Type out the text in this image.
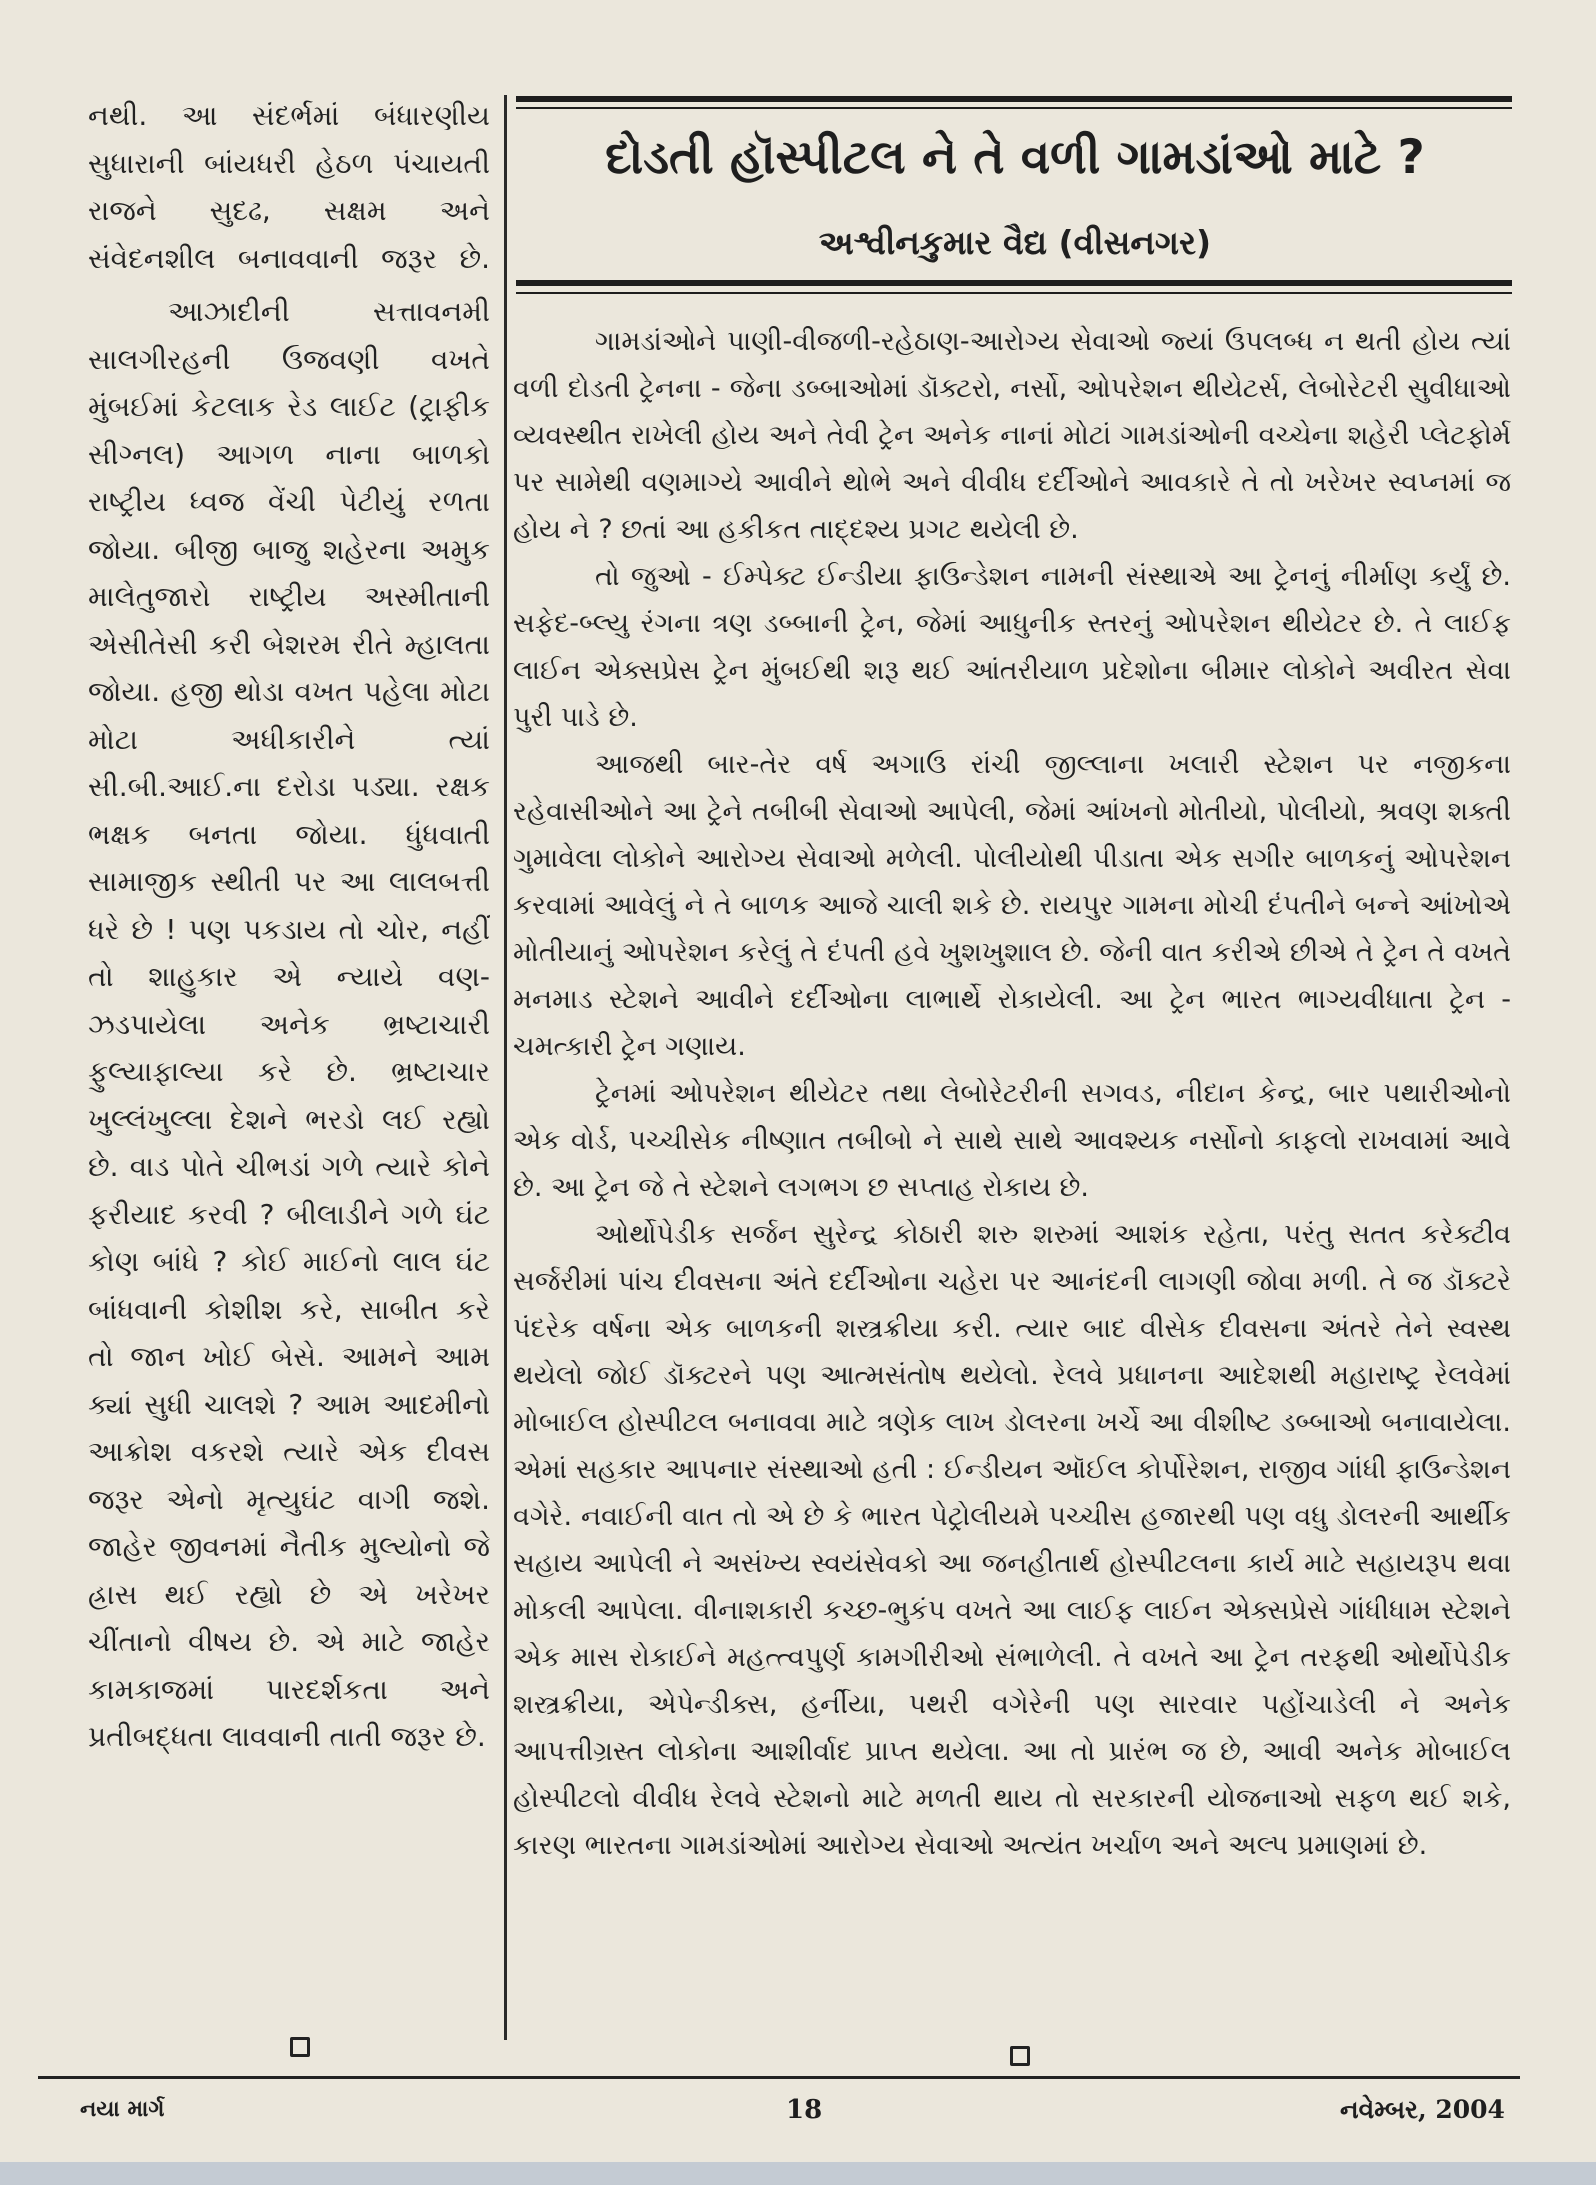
નથી. આ સંદર્ભમાં બંધારણીય સુધારાની બાંયધરી હેઠળ પંચાયતી રાજને સુદઢ, સક્ષમ અને સંવેદનશીલ બનાવવાની જરૂર છે.

આઝાદીની સત્તાવનમી સાલગીરહની ઉજવણી વખતે મુંબઈમાં કેટલાક રેડ લાઈટ (ટ્રાફીક સીગ્નલ) આગળ નાના બાળકો રાષ્ટ્રીય ધ્વજ વેંચી પેટીયું રળતા જોયા. બીજી બાજુ શહેરના અમુક માલેતુજારો રાષ્ટ્રીય અસ્મીતાની એસીતેસી કરી બેશરમ રીતે મ્હાલતા જોયા. હજી થોડા વખત પહેલા મોટા મોટા અધીકારીને ત્યાં સી.બી.આઈ.ના દરોડા પડ્યા. રક્ષક ભક્ષક બનતા જોયા. ધુંધવાતી સામાજીક સ્થીતી પર આ લાલબત્તી ધરે છે ! પણ પકડાય તો ચોર, નહીં તો શાહુકાર એ ન્યાયે વણ-ઝડપાયેલા અનેક ભ્રષ્ટાચારી ફુલ્યાફાલ્યા કરે છે. ભ્રષ્ટાચાર ખુલ્લંખુલ્લા દેશને ભરડો લઈ રહ્યો છે. વાડ પોતે ચીભડાં ગળે ત્યારે કોને ફરીયાદ કરવી ? બીલાડીને ગળે ઘંટ કોણ બાંધે ? કોઈ માઈનો લાલ ઘંટ બાંધવાની કોશીશ કરે, સાબીત કરે તો જાન ખોઈ બેસે. આમને આમ ક્યાં સુધી ચાલશે ? આમ આદમીનો આક્રોશ વકરશે ત્યારે એક દીવસ જરૂર એનો મૃત્યુઘંટ વાગી જશે. જાહેર જીવનમાં નૈતીક મુલ્યોનો જે હ્રાસ થઈ રહ્યો છે એ ખરેખર ચીંતાનો વીષય છે. એ માટે જાહેર કામકાજમાં પારદર્શકતા અને પ્રતીબદ્ધતા લાવવાની તાતી જરૂર છે.

દોડતી હૉસ્પીટલ ને તે વળી ગામડાંઓ માટે ?
અશ્વીનકુમાર વૈદ્ય (વીસનગર)

ગામડાંઓને પાણી-વીજળી-રહેઠાણ-આરોગ્ય સેવાઓ જ્યાં ઉપલબ્ધ ન થતી હોય ત્યાં વળી દોડતી ટ્રેનના - જેના ડબ્બાઓમાં ડૉક્ટરો, નર્સો, ઓપરેશન થીયેટર્સ, લેબોરેટરી સુવીધાઓ વ્યવસ્થીત રાખેલી હોય અને તેવી ટ્રેન અનેક નાનાં મોટાં ગામડાંઓની વચ્ચેના શહેરી પ્લેટફોર્મ પર સામેથી વણમાગ્યે આવીને થોભે અને વીવીધ દર્દીઓને આવકારે તે તો ખરેખર સ્વપ્નમાં જ હોય ને ? છતાં આ હકીકત તાદ્દશ્ય પ્રગટ થયેલી છે.

તો જુઓ - ઈમ્પેક્ટ ઈન્ડીયા ફાઉન્ડેશન નામની સંસ્થાએ આ ટ્રેનનું નીર્માણ કર્યું છે. સફેદ-બ્લ્યુ રંગના ત્રણ ડબ્બાની ટ્રેન, જેમાં આધુનીક સ્તરનું ઓપરેશન થીયેટર છે. તે લાઈફ લાઈન એક્સપ્રેસ ટ્રેન મુંબઈથી શરૂ થઈ આંતરીયાળ પ્રદેશોના બીમાર લોકોને અવીરત સેવા પુરી પાડે છે.

આજથી બાર-તેર વર્ષ અગાઉ રાંચી જીલ્લાના ખલારી સ્ટેશન પર નજીકના રહેવાસીઓને આ ટ્રેને તબીબી સેવાઓ આપેલી, જેમાં આંખનો મોતીયો, પોલીયો, શ્રવણ શક્તી ગુમાવેલા લોકોને આરોગ્ય સેવાઓ મળેલી. પોલીયોથી પીડાતા એક સગીર બાળકનું ઓપરેશન કરવામાં આવેલું ને તે બાળક આજે ચાલી શકે છે. રાયપુર ગામના મોચી દંપતીને બન્ને આંખોએ મોતીયાનું ઓપરેશન કરેલું તે દંપતી હવે ખુશખુશાલ છે. જેની વાત કરીએ છીએ તે ટ્રેન તે વખતે મનમાડ સ્ટેશને આવીને દર્દીઓના લાભાર્થે રોકાયેલી. આ ટ્રેન ભારત ભાગ્યવીધાતા ટ્રેન - ચમત્કારી ટ્રેન ગણાય.

ટ્રેનમાં ઓપરેશન થીયેટર તથા લેબોરેટરીની સગવડ, નીદાન કેન્દ્ર, બાર પથારીઓનો એક વોર્ડ, પચ્ચીસેક નીષ્ણાત તબીબો ને સાથે સાથે આવશ્યક નર્સોનો કાફલો રાખવામાં આવે છે. આ ટ્રેન જે તે સ્ટેશને લગભગ છ સપ્તાહ રોકાય છે.

ઓર્થોપેડીક સર્જન સુરેન્દ્ર કોઠારી શરુ શરુમાં આશંક રહેતા, પરંતુ સતત કરેક્ટીવ સર્જરીમાં પાંચ દીવસના અંતે દર્દીઓના ચહેરા પર આનંદની લાગણી જોવા મળી. તે જ ડૉક્ટરે પંદરેક વર્ષના એક બાળકની શસ્ત્રક્રીયા કરી. ત્યાર બાદ વીસેક દીવસના અંતરે તેને સ્વસ્થ થયેલો જોઈ ડૉક્ટરને પણ આત્મસંતોષ થયેલો. રેલવે પ્રધાનના આદેશથી મહારાષ્ટ્ર રેલવેમાં મોબાઈલ હોસ્પીટલ બનાવવા માટે ત્રણેક લાખ ડોલરના ખર્ચે આ વીશીષ્ટ ડબ્બાઓ બનાવાયેલા. એમાં સહકાર આપનાર સંસ્થાઓ હતી : ઈન્ડીયન ઑઈલ કોર્પોરેશન, રાજીવ ગાંધી ફાઉન્ડેશન વગેરે. નવાઈની વાત તો એ છે કે ભારત પેટ્રોલીયમે પચ્ચીસ હજારથી પણ વધુ ડોલરની આર્થીક સહાય આપેલી ને અસંખ્ય સ્વયંસેવકો આ જનહીતાર્થ હોસ્પીટલના કાર્ય માટે સહાયરૂપ થવા મોકલી આપેલા. વીનાશકારી કચ્છ-ભુકંપ વખતે આ લાઈફ લાઈન એક્સપ્રેસે ગાંધીધામ સ્ટેશને એક માસ રોકાઈને મહત્ત્વપુર્ણ કામગીરીઓ સંભાળેલી. તે વખતે આ ટ્રેન તરફથી ઓર્થોપેડીક શસ્ત્રક્રીયા, એપેન્ડીક્સ, હર્નીયા, પથરી વગેરેની પણ સારવાર પહોંચાડેલી ને અનેક આપત્તીગ્રસ્ત લોકોના આશીર્વાદ પ્રાપ્ત થયેલા. આ તો પ્રારંભ જ છે, આવી અનેક મોબાઈલ હોસ્પીટલો વીવીધ રેલવે સ્ટેશનો માટે મળતી થાય તો સરકારની યોજનાઓ સફળ થઈ શકે, કારણ ભારતના ગામડાંઓમાં આરોગ્ય સેવાઓ અત્યંત ખર્ચાળ અને અલ્પ પ્રમાણમાં છે.

નયા માર્ગ	18	નવેમ્બર, 2004
